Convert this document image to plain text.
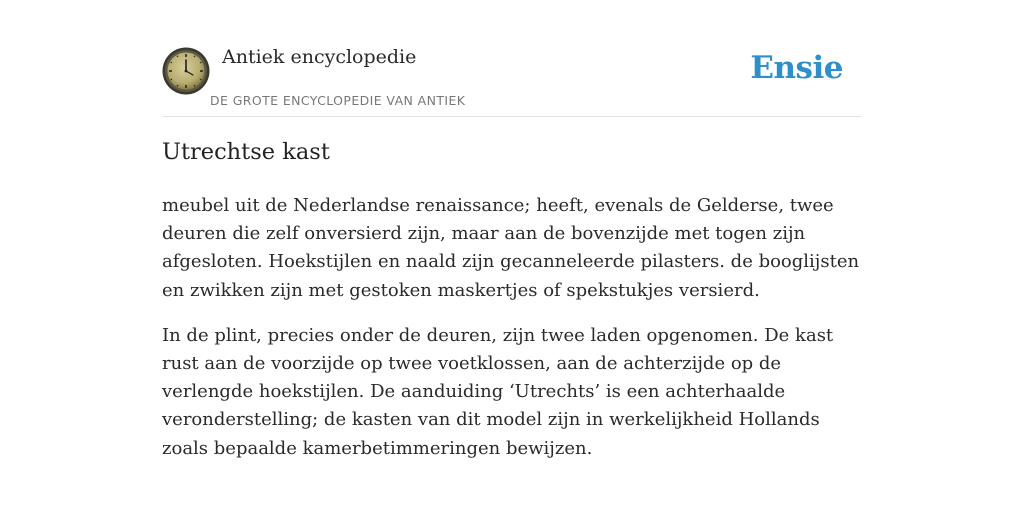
Antiek encyclopedie
DE GROTE ENCYCLOPEDIE VAN ANTIEK
Ensie
Utrechtse kast

meubel uit de Nederlandse renaissance; heeft, evenals de Gelderse, twee deuren die zelf onversierd zijn, maar aan de bovenzijde met togen zijn afgesloten. Hoekstijlen en naald zijn gecanneleerde pilasters. de booglijsten en zwikken zijn met gestoken maskertjes of spekstukjes versierd.

In de plint, precies onder de deuren, zijn twee laden opgenomen. De kast rust aan de voorzijde op twee voetklossen, aan de achterzijde op de verlengde hoekstijlen. De aanduiding ‘Utrechts’ is een achterhaalde veronderstelling; de kasten van dit model zijn in werkelijkheid Hollands zoals bepaalde kamerbetimmeringen bewijzen.
